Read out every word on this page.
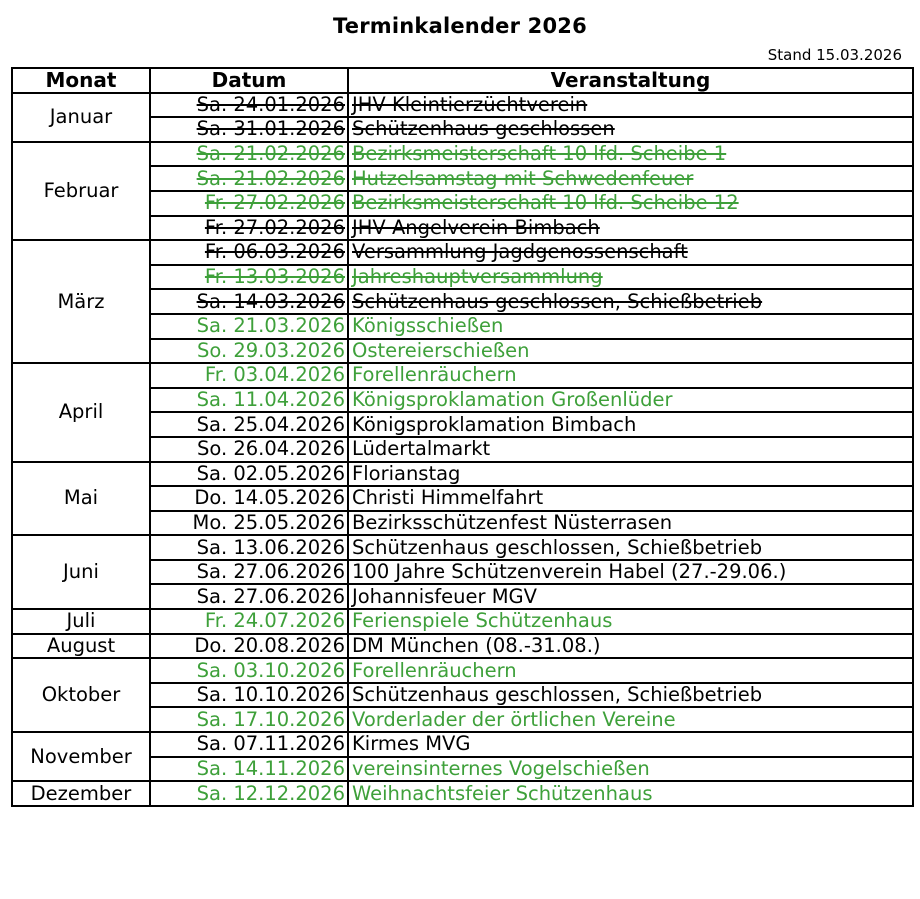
Terminkalender 2026
Stand 15.03.2026
Monat	Datum	Veranstaltung
Januar	Sa. 24.01.2026	JHV Kleintierzüchtverein
	Sa. 31.01.2026	Schützenhaus geschlossen
Februar	Sa. 21.02.2026	Bezirksmeisterschaft 10 lfd. Scheibe 1
	Sa. 21.02.2026	Hutzelsamstag mit Schwedenfeuer
	Fr. 27.02.2026	Bezirksmeisterschaft 10 lfd. Scheibe 12
	Fr. 27.02.2026	JHV Angelverein Bimbach
März	Fr. 06.03.2026	Versammlung Jagdgenossenschaft
	Fr. 13.03.2026	Jahreshauptversammlung
	Sa. 14.03.2026	Schützenhaus geschlossen, Schießbetrieb
	Sa. 21.03.2026	Königsschießen
	So. 29.03.2026	Ostereierschießen
April	Fr. 03.04.2026	Forellenräuchern
	Sa. 11.04.2026	Königsproklamation Großenlüder
	Sa. 25.04.2026	Königsproklamation Bimbach
	So. 26.04.2026	Lüdertalmarkt
Mai	Sa. 02.05.2026	Florianstag
	Do. 14.05.2026	Christi Himmelfahrt
	Mo. 25.05.2026	Bezirksschützenfest Nüsterrasen
Juni	Sa. 13.06.2026	Schützenhaus geschlossen, Schießbetrieb
	Sa. 27.06.2026	100 Jahre Schützenverein Habel (27.-29.06.)
	Sa. 27.06.2026	Johannisfeuer MGV
Juli	Fr. 24.07.2026	Ferienspiele Schützenhaus
August	Do. 20.08.2026	DM München (08.-31.08.)
Oktober	Sa. 03.10.2026	Forellenräuchern
	Sa. 10.10.2026	Schützenhaus geschlossen, Schießbetrieb
	Sa. 17.10.2026	Vorderlader der örtlichen Vereine
November	Sa. 07.11.2026	Kirmes MVG
	Sa. 14.11.2026	vereinsinternes Vogelschießen
Dezember	Sa. 12.12.2026	Weihnachtsfeier Schützenhaus
